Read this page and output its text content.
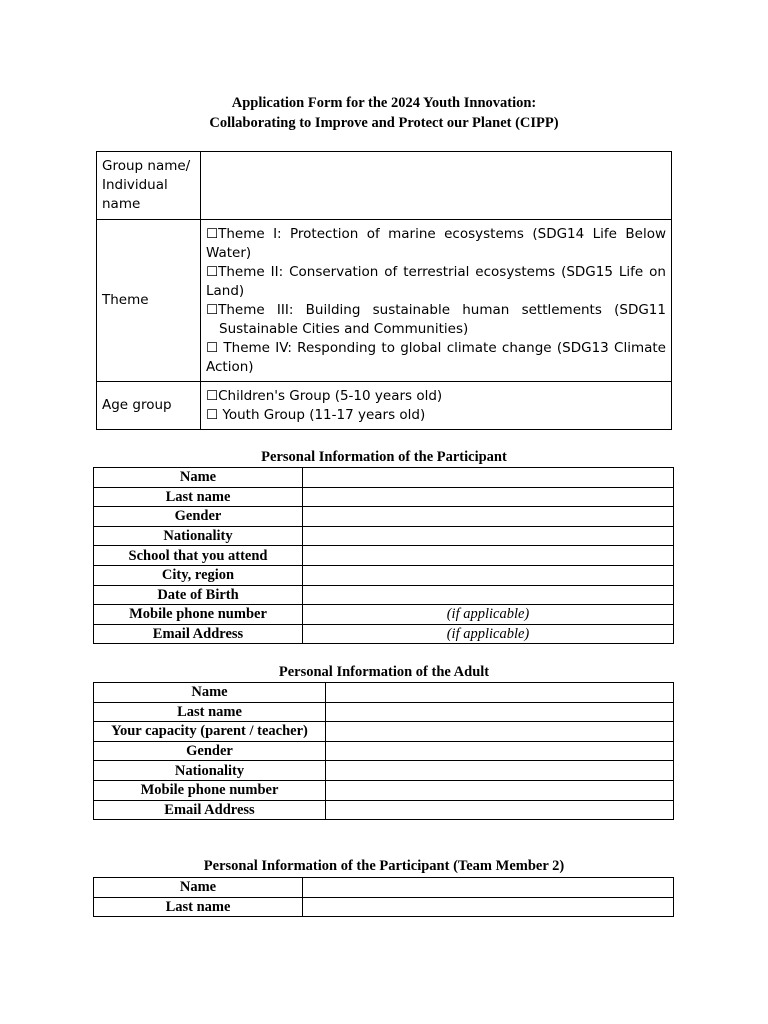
Application Form for the 2024 Youth Innovation:
Collaborating to Improve and Protect our Planet (CIPP)
Group name/ Individual name	
Theme	☐Theme I: Protection of marine ecosystems (SDG14 Life Below Water)
☐Theme II: Conservation of terrestrial ecosystems (SDG15 Life on Land)
☐Theme III: Building sustainable human settlements (SDG11 Sustainable Cities and Communities)
☐ Theme IV: Responding to global climate change (SDG13 Climate Action)

Age group	☐Children's Group (5-10 years old)
☐ Youth Group (11-17 years old)
Personal Information of the Participant
Name	
Last name	
Gender	
Nationality	
School that you attend	
City, region	
Date of Birth	
Mobile phone number	(if applicable)
Email Address	(if applicable)
Personal Information of the Adult
Name	
Last name	
Your capacity (parent / teacher)	
Gender	
Nationality	
Mobile phone number	
Email Address	
Personal Information of the Participant (Team Member 2)
Name	
Last name	
